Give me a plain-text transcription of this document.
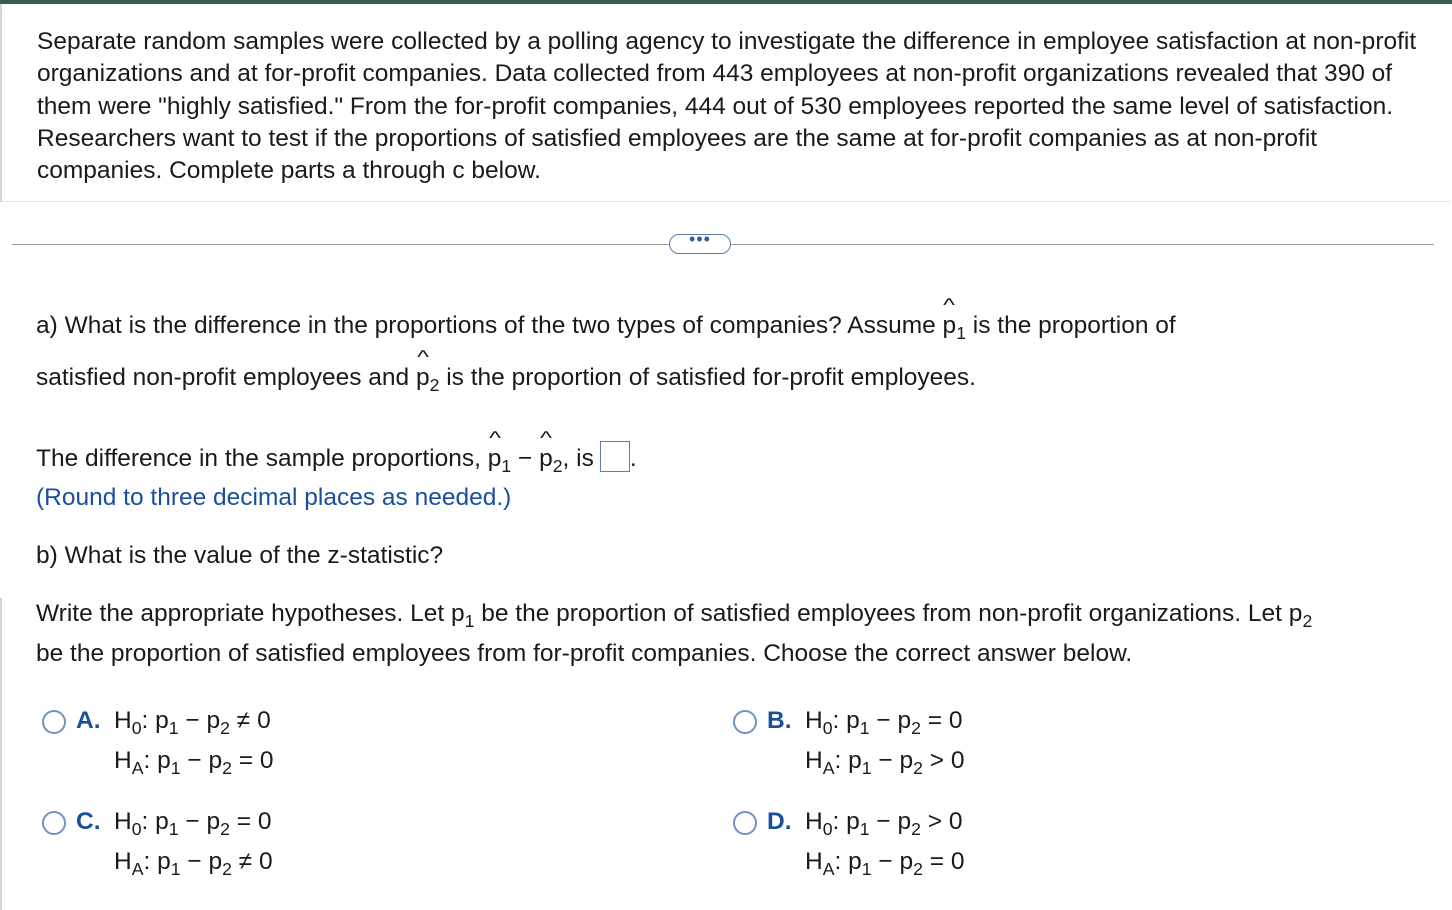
Separate random samples were collected by a polling agency to investigate the difference in employee satisfaction at non-profit organizations and at for-profit companies. Data collected from 443 employees at non-profit organizations revealed that 390 of them were "highly satisfied." From the for-profit companies, 444 out of 530 employees reported the same level of satisfaction. Researchers want to test if the proportions of satisfied employees are the same at for-profit companies as at non-profit companies. Complete parts a through c below.

•••

a) What is the difference in the proportions of the two types of companies? Assume ^ $p_1$ is the proportion of

satisfied non-profit employees and ^ $p_2$ is the proportion of satisfied for-profit employees.

The difference in the sample proportions, ^ $p_1$ − ^ $p_2$, is .

(Round to three decimal places as needed.)

b) What is the value of the z-statistic?

Write the appropriate hypotheses. Let $p_1$ be the proportion of satisfied employees from non-profit organizations. Let $p_2$

be the proportion of satisfied employees from for-profit companies. Choose the correct answer below.

A. $H_0$: $p_1 - p_2 \ne 0$
$H_A$: $p_1 - p_2 = 0$
B. $H_0$: $p_1 - p_2 = 0$
$H_A$: $p_1 - p_2 > 0$
C. $H_0$: $p_1 - p_2 = 0$
$H_A$: $p_1 - p_2 \ne 0$
D. $H_0$: $p_1 - p_2 > 0$
$H_A$: $p_1 - p_2 = 0$
